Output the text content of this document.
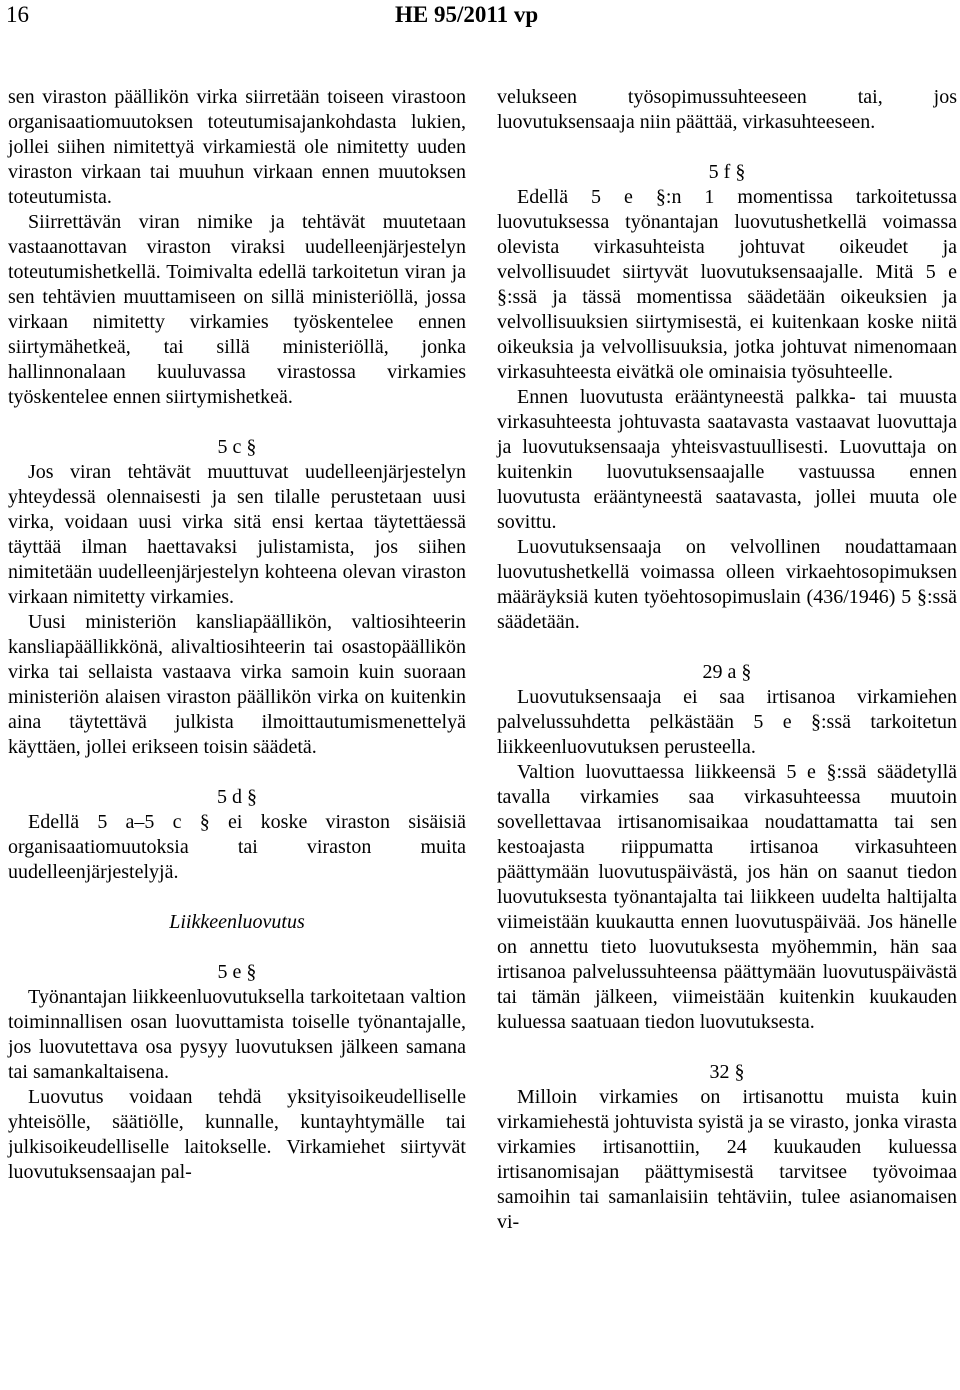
16	HE 95/2011 vp

sen viraston päällikön virka siirretään toiseen virastoon organisaatiomuutoksen toteutumisajankohdasta lukien, jollei siihen nimitettyä virkamiestä ole nimitetty uuden viraston virkaan tai muuhun virkaan ennen muutoksen toteutumista.

Siirrettävän viran nimike ja tehtävät muutetaan vastaanottavan viraston viraksi uudelleenjärjestelyn toteutumishetkellä. Toimivalta edellä tarkoitetun viran ja sen tehtävien muuttamiseen on sillä ministeriöllä, jossa virkaan nimitetty virkamies työskentelee ennen siirtymähetkeä, tai sillä ministeriöllä, jonka hallinnonalaan kuuluvassa virastossa virkamies työskentelee ennen siirtymishetkeä.

5 c §

Jos viran tehtävät muuttuvat uudelleenjärjestelyn yhteydessä olennaisesti ja sen tilalle perustetaan uusi virka, voidaan uusi virka sitä ensi kertaa täytettäessä täyttää ilman haettavaksi julistamista, jos siihen nimitetään uudelleenjärjestelyn kohteena olevan viraston virkaan nimitetty virkamies.

Uusi ministeriön kansliapäällikön, valtiosihteerin kansliapäällikkönä, alivaltiosihteerin tai osastopäällikön virka tai sellaista vastaava virka samoin kuin suoraan ministeriön alaisen viraston päällikön virka on kuitenkin aina täytettävä julkista ilmoittautumismenettelyä käyttäen, jollei erikseen toisin säädetä.

5 d §

Edellä 5 a–5 c § ei koske viraston sisäisiä organisaatiomuutoksia tai viraston muita uudelleenjärjestelyjä.

Liikkeenluovutus
5 e §

Työnantajan liikkeenluovutuksella tarkoitetaan valtion toiminnallisen osan luovuttamista toiselle työnantajalle, jos luovutettava osa pysyy luovutuksen jälkeen samana tai samankaltaisena.

Luovutus voidaan tehdä yksityisoikeudelliselle yhteisölle, säätiölle, kunnalle, kuntayhtymälle tai julkisoikeudelliselle laitokselle. Virkamiehet siirtyvät luovutuksensaajan pal-

velukseen työsopimussuhteeseen tai, jos luovutuksensaaja niin päättää, virkasuhteeseen.

5 f §

Edellä 5 e §:n 1 momentissa tarkoitetussa luovutuksessa työnantajan luovutushetkellä voimassa olevista virkasuhteista johtuvat oikeudet ja velvollisuudet siirtyvät luovutuksensaajalle. Mitä 5 e §:ssä ja tässä momentissa säädetään oikeuksien ja velvollisuuksien siirtymisestä, ei kuitenkaan koske niitä oikeuksia ja velvollisuuksia, jotka johtuvat nimenomaan virkasuhteesta eivätkä ole ominaisia työsuhteelle.

Ennen luovutusta erääntyneestä palkka- tai muusta virkasuhteesta johtuvasta saatavasta vastaavat luovuttaja ja luovutuksensaaja yhteisvastuullisesti. Luovuttaja on kuitenkin luovutuksensaajalle vastuussa ennen luovutusta erääntyneestä saatavasta, jollei muuta ole sovittu.

Luovutuksensaaja on velvollinen noudattamaan luovutushetkellä voimassa olleen virkaehtosopimuksen määräyksiä kuten työehtosopimuslain (436/1946) 5 §:ssä säädetään.

29 a §

Luovutuksensaaja ei saa irtisanoa virkamiehen palvelussuhdetta pelkästään 5 e §:ssä tarkoitetun liikkeenluovutuksen perusteella.

Valtion luovuttaessa liikkeensä 5 e §:ssä säädetyllä tavalla virkamies saa virkasuhteessa muutoin sovellettavaa irtisanomisaikaa noudattamatta tai sen kestoajasta riippumatta irtisanoa virkasuhteen päättymään luovutuspäivästä, jos hän on saanut tiedon luovutuksesta työnantajalta tai liikkeen uudelta haltijalta viimeistään kuukautta ennen luovutuspäivää. Jos hänelle on annettu tieto luovutuksesta myöhemmin, hän saa irtisanoa palvelussuhteensa päättymään luovutuspäivästä tai tämän jälkeen, viimeistään kuitenkin kuukauden kuluessa saatuaan tiedon luovutuksesta.

32 §

Milloin virkamies on irtisanottu muista kuin virkamiehestä johtuvista syistä ja se virasto, jonka virasta virkamies irtisanottiin, 24 kuukauden kuluessa irtisanomisajan päättymisestä tarvitsee työvoimaa samoihin tai samanlaisiin tehtäviin, tulee asianomaisen vi-
